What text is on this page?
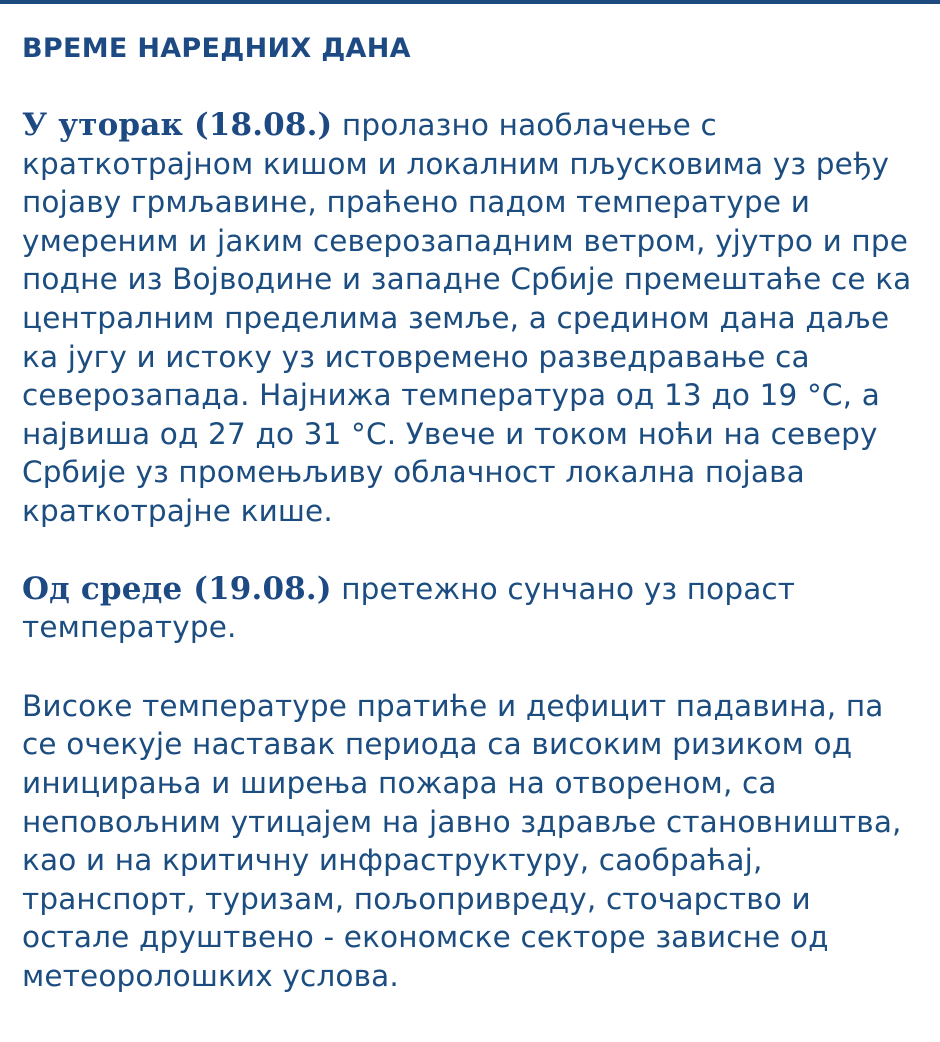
ВРЕМЕ НАРЕДНИХ ДАНА

У уторак (18.08.) пролазно наоблачење с краткотрајном кишом и локалним пљусковима уз ређу појаву грмљавине, праћено падом температуре и умереним и јаким северозападним ветром, ујутро и пре подне из Војводине и западне Србије премештаће се ка централним пределима земље, а средином дана даље ка југу и истоку уз истовремено разведравање са северозапада. Најнижа температура од 13 до 19 °C, а највиша од 27 до 31 °C. Увече и током ноћи на северу Србије уз промењљиву облачност локална појава краткотрајне кише.

Од среде (19.08.) претежно сунчано уз пораст температуре.

Високе температуре пратиће и дефицит падавина, па се очекује наставак периода са високим ризиком од иницирања и ширења пожара на отвореном, са неповољним утицајем на јавно здравље становништва, као и на критичну инфраструктуру, саобраћај, транспорт, туризам, пољопривреду, сточарство и остале друштвено - економске секторе зависне од метеоролошких услова.
